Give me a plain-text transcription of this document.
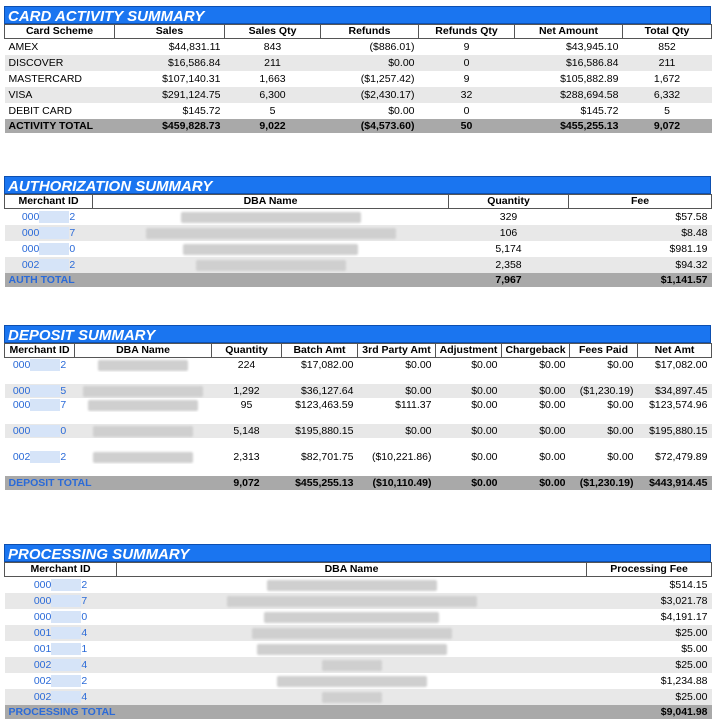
CARD ACTIVITY SUMMARY
Card Scheme	Sales	Sales Qty	Refunds	Refunds Qty	Net Amount	Total Qty
AMEX	$44,831.11	843	($886.01)	9	$43,945.10	852
DISCOVER	$16,586.84	211	$0.00	0	$16,586.84	211
MASTERCARD	$107,140.31	1,663	($1,257.42)	9	$105,882.89	1,672
VISA	$291,124.75	6,300	($2,430.17)	32	$288,694.58	6,332
DEBIT CARD	$145.72	5	$0.00	0	$145.72	5
ACTIVITY TOTAL	$459,828.73	9,022	($4,573.60)	50	$455,255.13	9,072
AUTHORIZATION SUMMARY
Merchant ID	DBA Name	Quantity	Fee
000 2		329	$57.58
000 7		106	$8.48
000 0		5,174	$981.19
002 2		2,358	$94.32
AUTH TOTAL		7,967	$1,141.57
DEPOSIT SUMMARY
Merchant ID	DBA Name	Quantity	Batch Amt	3rd Party Amt	Adjustment	Chargeback	Fees Paid	Net Amt
000 2		224	$17,082.00	$0.00	$0.00	$0.00	$0.00	$17,082.00

000 5		1,292	$36,127.64	$0.00	$0.00	$0.00	($1,230.19)	$34,897.45
000 7		95	$123,463.59	$111.37	$0.00	$0.00	$0.00	$123,574.96

000 0		5,148	$195,880.15	$0.00	$0.00	$0.00	$0.00	$195,880.15

002 2		2,313	$82,701.75	($10,221.86)	$0.00	$0.00	$0.00	$72,479.89

DEPOSIT TOTAL		9,072	$455,255.13	($10,110.49)	$0.00	$0.00	($1,230.19)	$443,914.45
PROCESSING SUMMARY
Merchant ID	DBA Name	Processing Fee
000 2		$514.15
000 7		$3,021.78
000 0		$4,191.17
001 4		$25.00
001 1		$5.00
002 4		$25.00
002 2		$1,234.88
002 4		$25.00
PROCESSING TOTAL		$9,041.98
